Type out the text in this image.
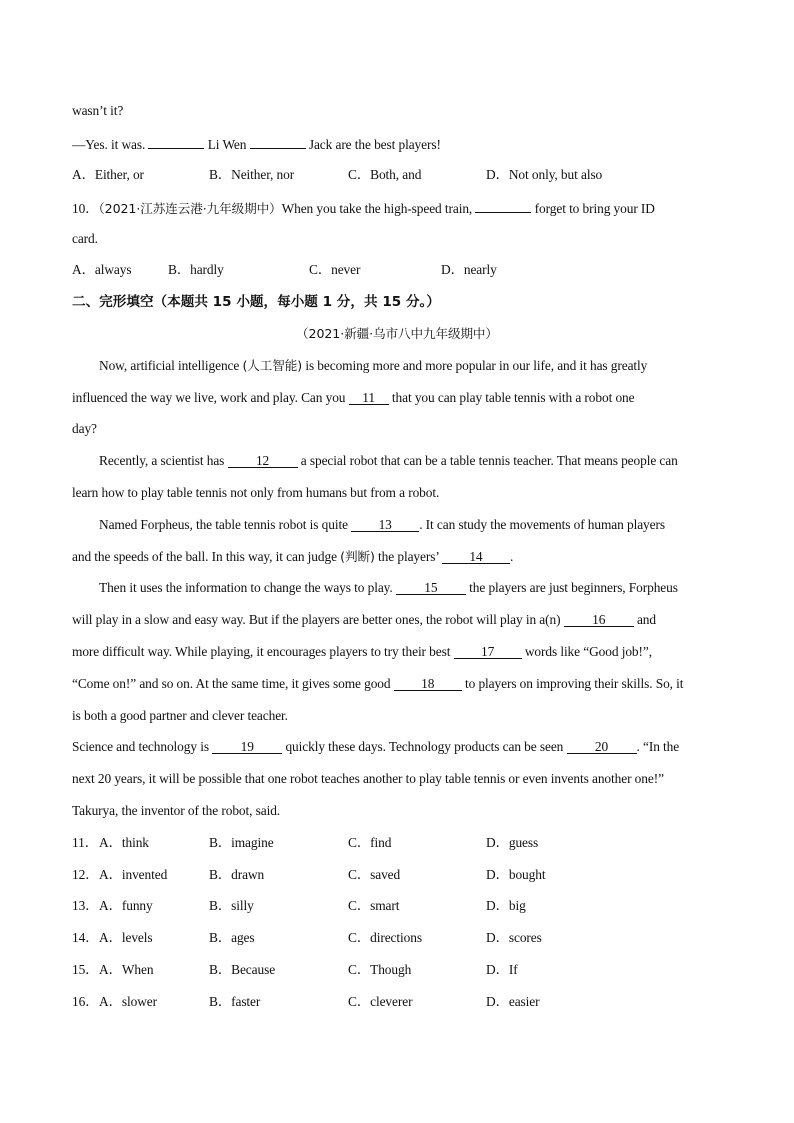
wasn’t it?
—Yes. it was.	Li Wen	Jack are the best players!
A．Either, or	B．Neither, nor	C．Both, and	D．Not only, but also
10．（2021·江苏连云港·九年级期中）When you take the high-speed train,	forget to bring your ID
card.
A．always	B．hardly	C．never	D．nearly
二、完形填空（本题共 15 小题，每小题 1 分，共 15 分。）
（2021·新疆·乌市八中九年级期中）
Now, artificial intelligence (人工智能) is becoming more and more popular in our life, and it has greatly
influenced the way we live, work and play. Can you 11 that you can play table tennis with a robot one
day?
Recently, a scientist has 12 a special robot that can be a table tennis teacher. That means people can
learn how to play table tennis not only from humans but from a robot.
Named Forpheus, the table tennis robot is quite 13 . It can study the movements of human players
and the speeds of the ball. In this way, it can judge (判断) the players’ 14 .
Then it uses the information to change the ways to play. 15 the players are just beginners, Forpheus
will play in a slow and easy way. But if the players are better ones, the robot will play in a(n) 16 and
more difficult way. While playing, it encourages players to try their best 17 words like “Good job!”,
“Come on!” and so on. At the same time, it gives some good 18 to players on improving their skills. So, it
is both a good partner and clever teacher.
Science and technology is 19 quickly these days. Technology products can be seen 20 . “In the
next 20 years, it will be possible that one robot teaches another to play table tennis or even invents another one!”
Takurya, the inventor of the robot, said.
11． A．think	B．imagine	C．find	D．guess
12． A．invented	B．drawn	C．saved	D．bought
13． A．funny	B．silly	C．smart	D．big
14． A．levels	B．ages	C．directions	D．scores
15． A．When	B．Because	C．Though	D．If
16． A．slower	B．faster	C．cleverer	D．easier
